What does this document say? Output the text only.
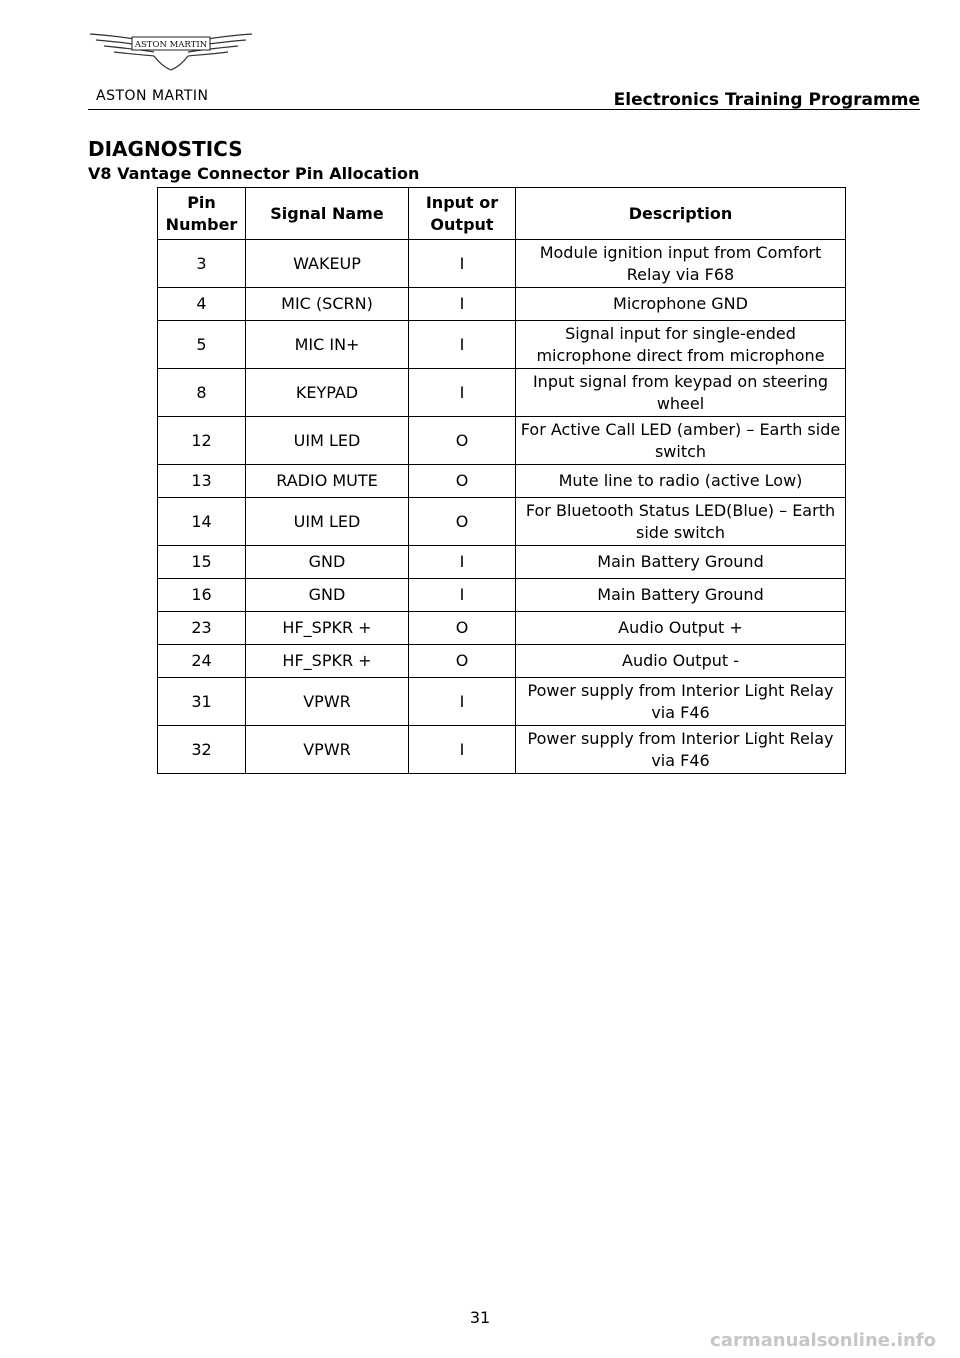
ASTON MARTIN
ASTON MARTIN	Electronics Training Programme
DIAGNOSTICS
V8 Vantage Connector Pin Allocation
Pin Number	Signal Name	Input or Output	Description
3	WAKEUP	I	Module ignition input from Comfort Relay via F68
4	MIC (SCRN)	I	Microphone GND
5	MIC IN+	I	Signal input for single-ended microphone direct from microphone
8	KEYPAD	I	Input signal from keypad on steering wheel
12	UIM LED	O	For Active Call LED (amber) – Earth side switch
13	RADIO MUTE	O	Mute line to radio (active Low)
14	UIM LED	O	For Bluetooth Status LED(Blue) – Earth side switch
15	GND	I	Main Battery Ground
16	GND	I	Main Battery Ground
23	HF_SPKR +	O	Audio Output +
24	HF_SPKR +	O	Audio Output -
31	VPWR	I	Power supply from Interior Light Relay via F46
32	VPWR	I	Power supply from Interior Light Relay via F46
31
carmanualsonline.info
